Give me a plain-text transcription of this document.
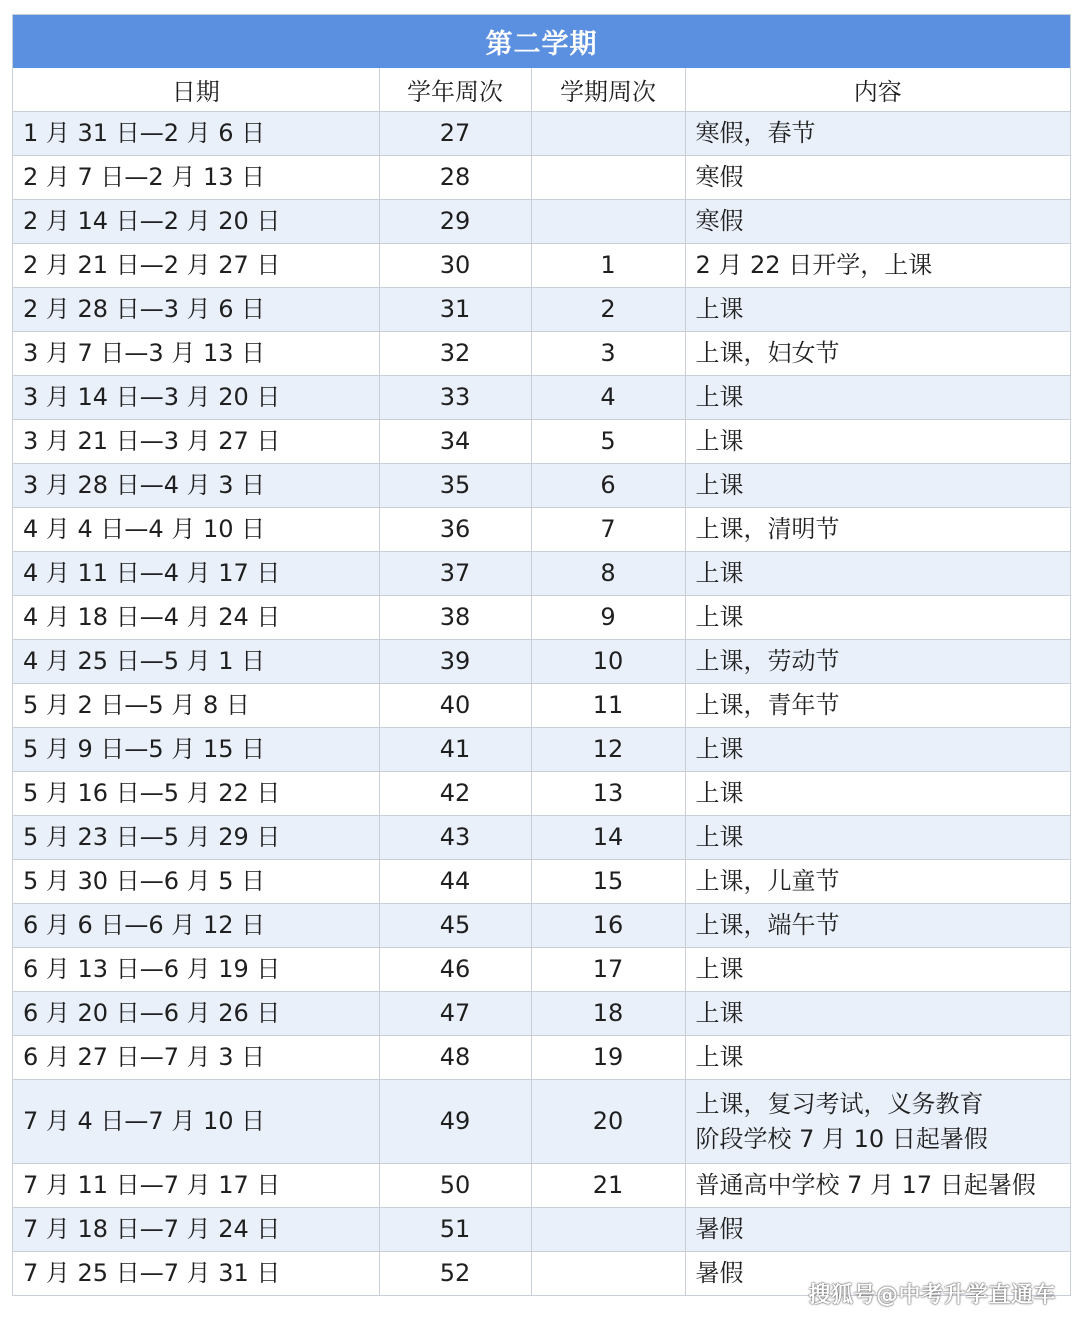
第二学期
日期	学年周次	学期周次	内容
1 月 31 日—2 月 6 日	27		寒假，春节
2 月 7 日—2 月 13 日	28		寒假
2 月 14 日—2 月 20 日	29		寒假
2 月 21 日—2 月 27 日	30	1	2 月 22 日开学，上课
2 月 28 日—3 月 6 日	31	2	上课
3 月 7 日—3 月 13 日	32	3	上课，妇女节
3 月 14 日—3 月 20 日	33	4	上课
3 月 21 日—3 月 27 日	34	5	上课
3 月 28 日—4 月 3 日	35	6	上课
4 月 4 日—4 月 10 日	36	7	上课，清明节
4 月 11 日—4 月 17 日	37	8	上课
4 月 18 日—4 月 24 日	38	9	上课
4 月 25 日—5 月 1 日	39	10	上课，劳动节
5 月 2 日—5 月 8 日	40	11	上课，青年节
5 月 9 日—5 月 15 日	41	12	上课
5 月 16 日—5 月 22 日	42	13	上课
5 月 23 日—5 月 29 日	43	14	上课
5 月 30 日—6 月 5 日	44	15	上课，儿童节
6 月 6 日—6 月 12 日	45	16	上课，端午节
6 月 13 日—6 月 19 日	46	17	上课
6 月 20 日—6 月 26 日	47	18	上课
6 月 27 日—7 月 3 日	48	19	上课
7 月 4 日—7 月 10 日	49	20	上课，复习考试，义务教育
阶段学校 7 月 10 日起暑假

7 月 11 日—7 月 17 日	50	21	普通高中学校 7 月 17 日起暑假
7 月 18 日—7 月 24 日	51		暑假
7 月 25 日—7 月 31 日	52		暑假
搜狐号@中考升学直通车
